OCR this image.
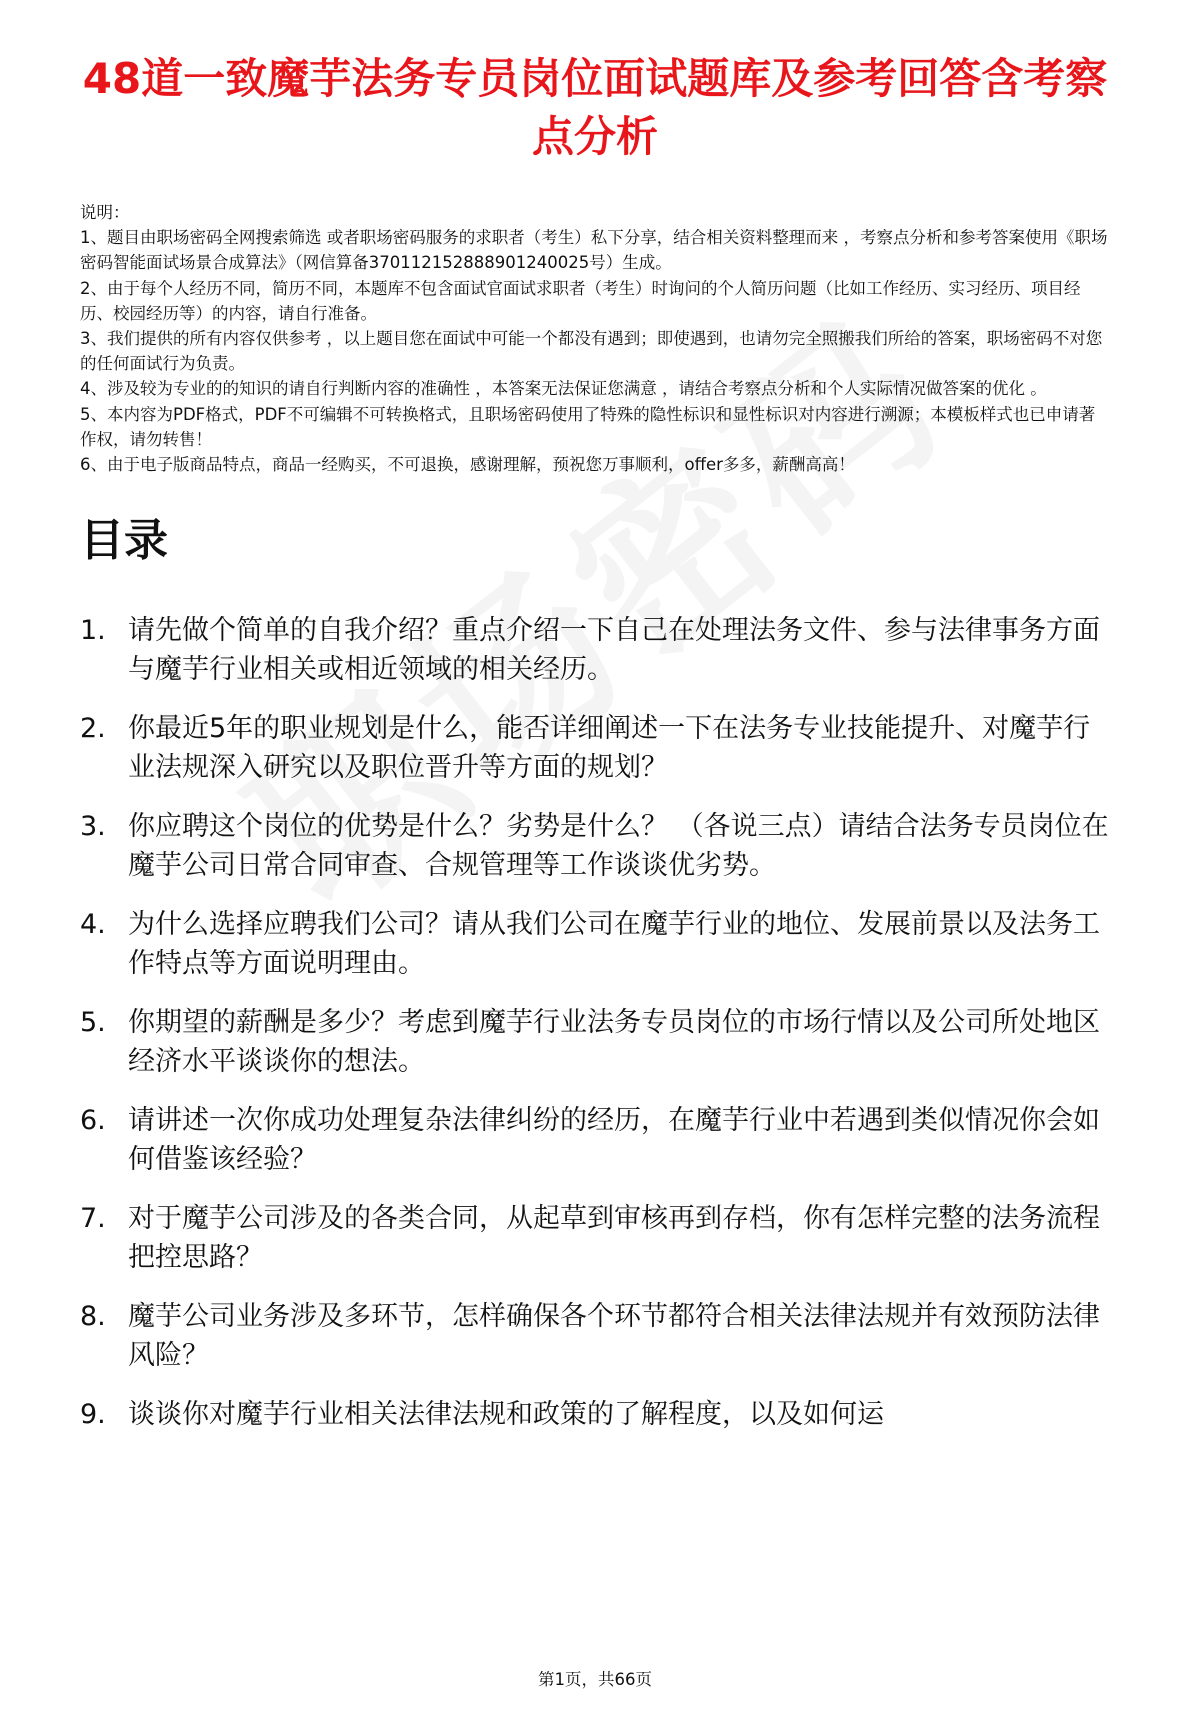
48道一致魔芋法务专员岗位面试题库及参考回答含考察点分析
说明：
1、题目由职场密码全网搜索筛选 或者职场密码服务的求职者（考生）私下分享，结合相关资料整理而来 ，考察点分析和参考答案使用《职场密码智能面试场景合成算法》（网信算备370112152888901240025号）生成。
2、由于每个人经历不同，简历不同，本题库不包含面试官面试求职者（考生）时询问的个人简历问题（比如工作经历、实习经历、项目经历、校园经历等）的内容，请自行准备。
3、我们提供的所有内容仅供参考 ，以上题目您在面试中可能一个都没有遇到；即使遇到，也请勿完全照搬我们所给的答案，职场密码不对您的任何面试行为负责。
4、涉及较为专业的的知识的请自行判断内容的准确性 ，本答案无法保证您满意 ，请结合考察点分析和个人实际情况做答案的优化 。
5、本内容为PDF格式，PDF不可编辑不可转换格式，且职场密码使用了特殊的隐性标识和显性标识对内容进行溯源；本模板样式也已申请著作权，请勿转售！
6、由于电子版商品特点，商品一经购买，不可退换，感谢理解，预祝您万事顺利，offer多多，薪酬高高！
目录
1. 请先做个简单的自我介绍？重点介绍一下自己在处理法务文件、参与法律事务方面与魔芋行业相关或相近领域的相关经历。
2. 你最近5年的职业规划是什么，能否详细阐述一下在法务专业技能提升、对魔芋行业法规深入研究以及职位晋升等方面的规划？
3. 你应聘这个岗位的优势是什么？劣势是什么？ （各说三点）请结合法务专员岗位在魔芋公司日常合同审查、合规管理等工作谈谈优劣势。
4. 为什么选择应聘我们公司？请从我们公司在魔芋行业的地位、发展前景以及法务工作特点等方面说明理由。
5. 你期望的薪酬是多少？考虑到魔芋行业法务专员岗位的市场行情以及公司所处地区经济水平谈谈你的想法。
6. 请讲述一次你成功处理复杂法律纠纷的经历，在魔芋行业中若遇到类似情况你会如何借鉴该经验？
7. 对于魔芋公司涉及的各类合同，从起草到审核再到存档，你有怎样完整的法务流程把控思路？
8. 魔芋公司业务涉及多环节，怎样确保各个环节都符合相关法律法规并有效预防法律风险？
9. 谈谈你对魔芋行业相关法律法规和政策的了解程度，以及如何运
第1页，共66页
